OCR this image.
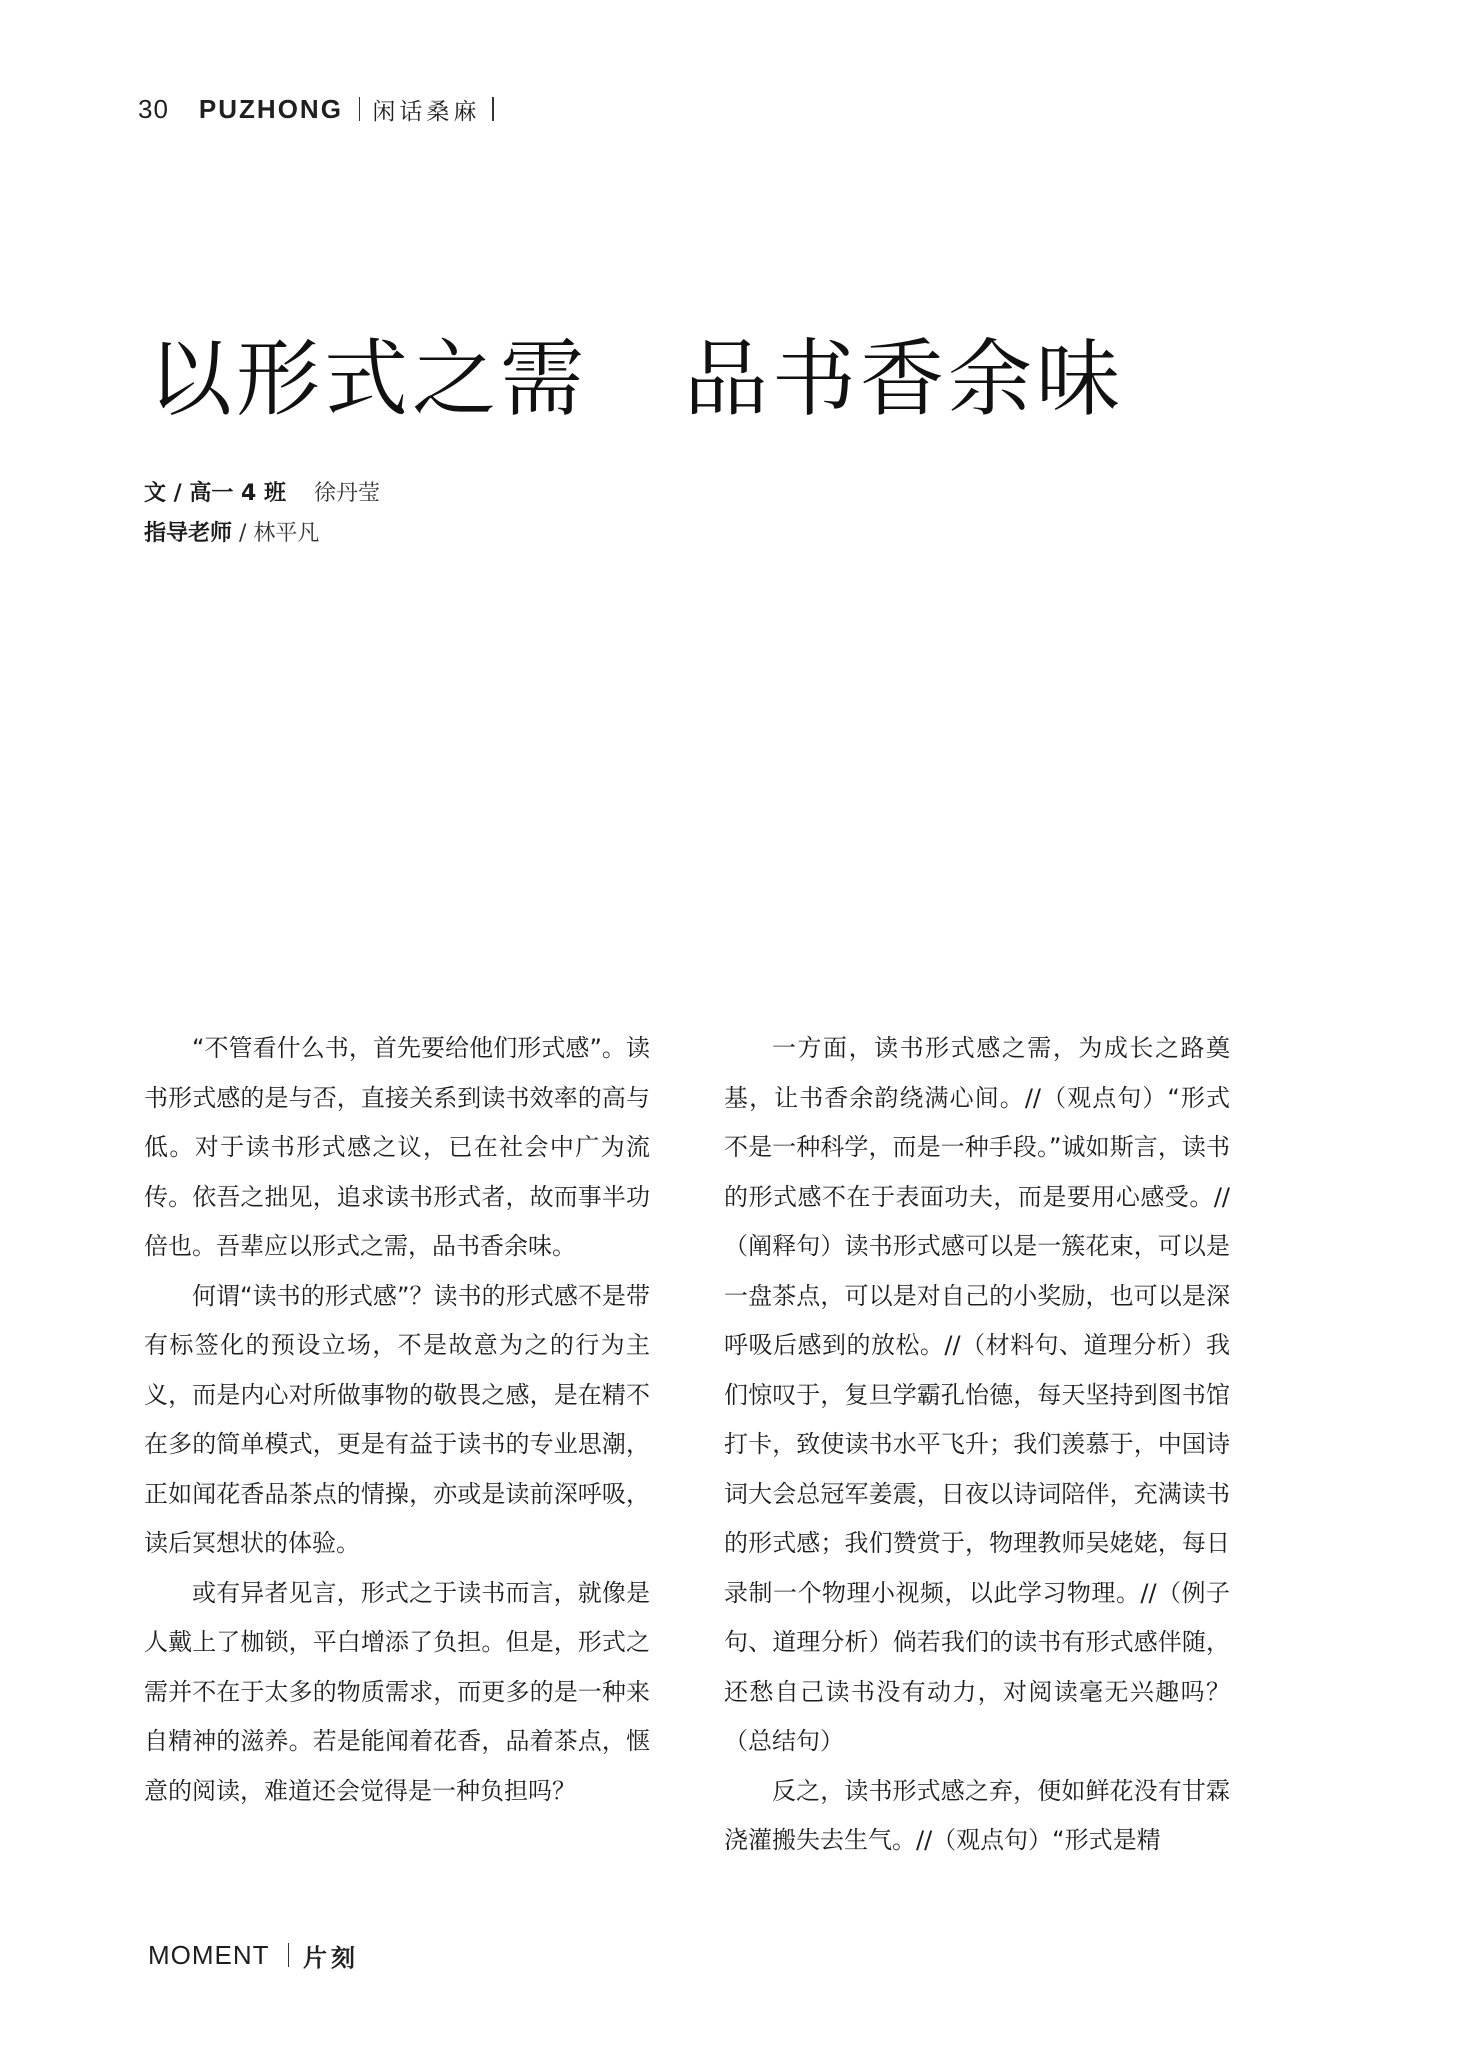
30 PUZHONG 闲话桑麻
以形式之需 品书香余味
文 / 高一 4 班 徐丹莹
指导老师 / 林平凡

“不管看什么书，首先要给他们形式感”。读书形式感的是与否，直接关系到读书效率的高与低。对于读书形式感之议，已在社会中广为流传。依吾之拙见，追求读书形式者，故而事半功倍也。吾辈应以形式之需，品书香余味。

何谓“读书的形式感”？读书的形式感不是带有标签化的预设立场，不是故意为之的行为主义，而是内心对所做事物的敬畏之感，是在精不在多的简单模式，更是有益于读书的专业思潮，正如闻花香品茶点的情操，亦或是读前深呼吸，读后冥想状的体验。

或有异者见言，形式之于读书而言，就像是人戴上了枷锁，平白增添了负担。但是，形式之需并不在于太多的物质需求，而更多的是一种来自精神的滋养。若是能闻着花香，品着茶点，惬意的阅读，难道还会觉得是一种负担吗？

一方面，读书形式感之需，为成长之路奠基，让书香余韵绕满心间。//（观点句）“形式不是一种科学，而是一种手段。”诚如斯言，读书的形式感不在于表面功夫，而是要用心感受。//（阐释句）读书形式感可以是一簇花束，可以是一盘茶点，可以是对自己的小奖励，也可以是深呼吸后感到的放松。//（材料句、道理分析）我们惊叹于，复旦学霸孔怡德，每天坚持到图书馆打卡，致使读书水平飞升；我们羡慕于，中国诗词大会总冠军姜震，日夜以诗词陪伴，充满读书的形式感；我们赞赏于，物理教师吴姥姥，每日录制一个物理小视频，以此学习物理。//（例子句、道理分析）倘若我们的读书有形式感伴随，还愁自己读书没有动力，对阅读毫无兴趣吗？（总结句）

反之，读书形式感之弃，便如鲜花没有甘霖浇灌搬失去生气。//（观点句）“形式是精

MOMENT 片刻
